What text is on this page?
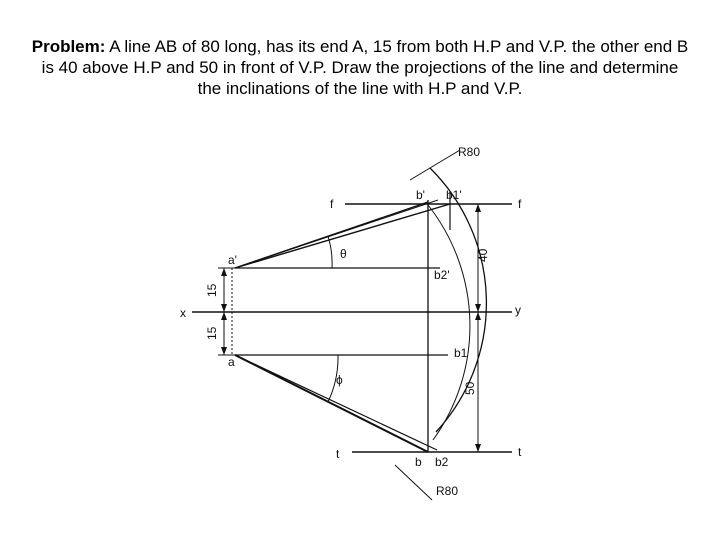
Problem: A line AB of 80 long, has its end A, 15 from both H.P and V.P. the other end B is 40 above H.P and 50 in front of V.P. Draw the projections of the line and determine the inclinations of the line with H.P and V.P.
R80
f	f
t	t
x	y
a'
a
b' b1'
b2'
b1
b b2
R80
θ
ϕ
15
15
40
50
